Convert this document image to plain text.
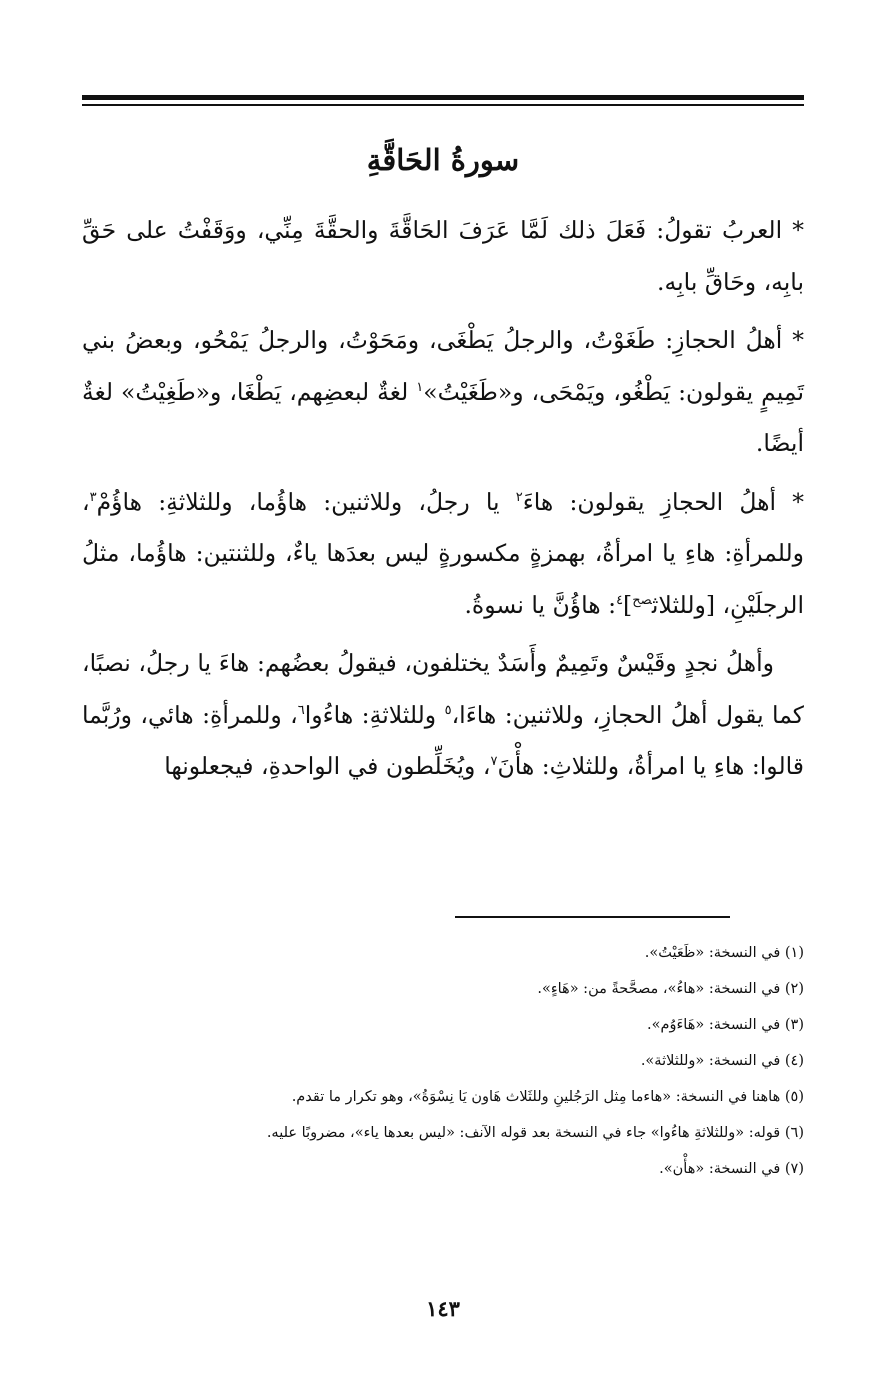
سورةُ الحَاقَّةِ

* العربُ تقولُ: فَعَلَ ذلك لَمَّا عَرَفَ الحَاقَّةَ والحقَّةَ مِنِّي، ووَقَفْتُ على حَقِّ بابِه، وحَاقِّ بابِه.

* أهلُ الحجازِ: طَغَوْتُ، والرجلُ يَطْغَى، ومَحَوْتُ، والرجلُ يَمْحُو، وبعضُ بني تَمِيمٍ يقولون: يَطْغُو، ويَمْحَى، و«طَغَيْتُ»$^١$ لغةٌ لبعضِهم، يَطْغَا، و«طَغِيْتُ» لغةٌ أيضًا.

* أهلُ الحجازِ يقولون: هاءَ$^٢$ يا رجلُ، وللاثنين: هاؤُما، وللثلاثةِ: هاؤُمْ$^٣$، وللمرأةِ: هاءِ يا امرأةُ، بهمزةٍ مكسورةٍ ليس بعدَها ياءٌ، وللثنتين: هاؤُما، مثلُ الرجلَيْنِ، [وللثلاث$^{صح}$]$^٤$: هاؤُنَّ يا نسوةُ.

وأهلُ نجدٍ وقَيْسٌ وتَمِيمٌ وأَسَدٌ يختلفون، فيقولُ بعضُهم: هاءَ يا رجلُ، نصبًا، كما يقول أهلُ الحجازِ، وللاثنين: هاءَا،$^٥$ وللثلاثةِ: هاءُوا$^٦$، وللمرأةِ: هائي، ورُبَّما قالوا: هاءِ يا امرأةُ، وللثلاثِ: هأْنَ$^٧$، ويُخَلِّطون في الواحدةِ، فيجعلونها

(١) في النسخة: «ظَعَيْتُ».
(٢) في النسخة: «هاءُ»، مصحَّحةً من: «هَاءٍ».
(٣) في النسخة: «هَاءَوُم».
(٤) في النسخة: «وللثلاثة».
(٥) هاهنا في النسخة: «هاءما مِثل الرَجُلينِ وللثَلاث هَاون يَا نِسْوَةُ»، وهو تكرار ما تقدم.
(٦) قوله: «وللثلاثةِ هاءُوا» جاء في النسخة بعد قوله الآنف: «ليس بعدها ياء»، مضروبًا عليه.
(٧) في النسخة: «هأْن».
١٤٣
